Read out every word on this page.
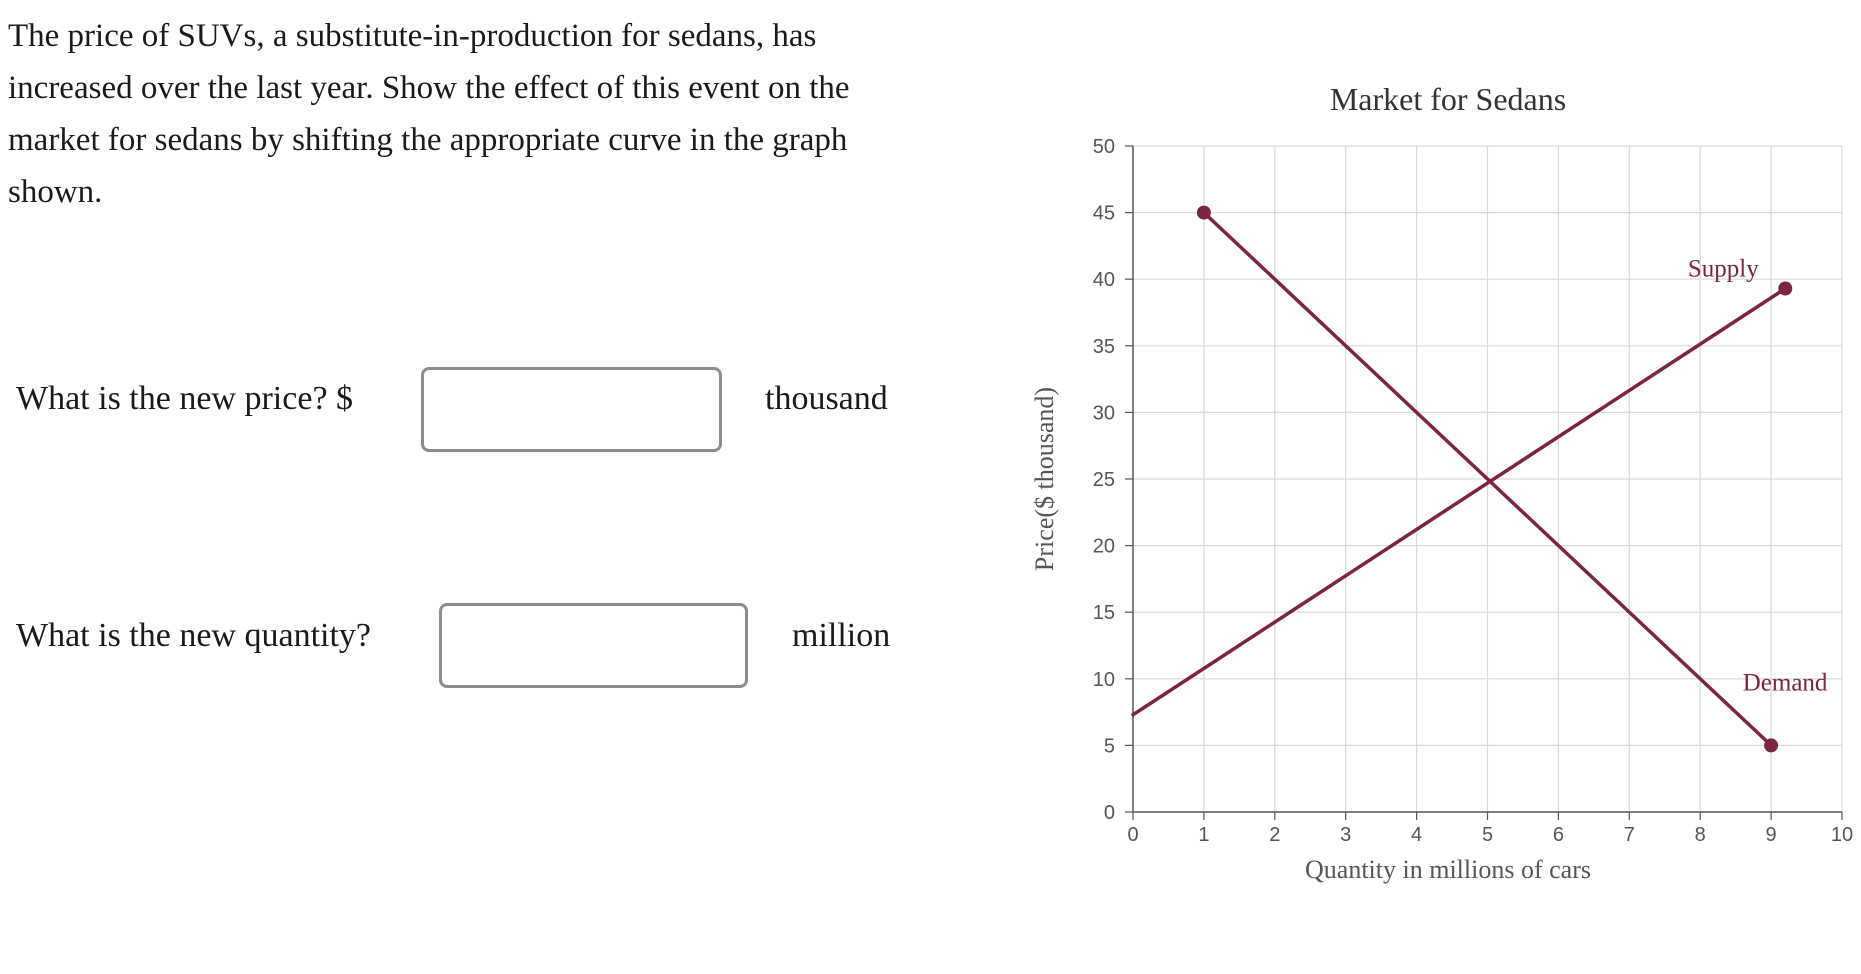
The price of SUVs, a substitute-in-production for sedans, has increased over the last year. Show the effect of this event on the market for sedans by shifting the appropriate curve in the graph shown.

What is the new price? $	thousand
What is the new quantity?	million
0	1	2	3	4	5	6	7	8	9	10
0
5
10
15
20
25
30
35
40
45
50
Demand
Supply
Market for Sedans
Quantity in millions of cars
Price($ thousand)
